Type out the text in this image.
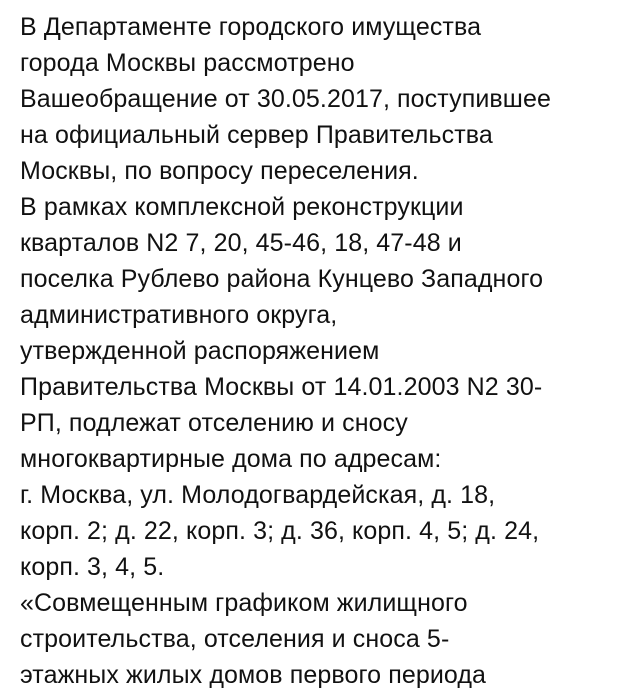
В Департаменте городского имущества
города Москвы рассмотрено
Вашеобращение от 30.05.2017, поступившее
на официальный сервер Правительства
Москвы, по вопросу переселения.
В рамках комплексной реконструкции
кварталов N2 7, 20, 45-46, 18, 47-48 и
поселка Рублево района Кунцево Западного
административного округа,
утвержденной распоряжением
Правительства Москвы от 14.01.2003 N2 30-
РП, подлежат отселению и сносу
многоквартирные дома по адресам:
г. Москва, ул. Молодогвардейская, д. 18,
корп. 2; д. 22, корп. 3; д. 36, корп. 4, 5; д. 24,
корп. 3, 4, 5.
«Совмещенным графиком жилищного
строительства, отселения и сноса 5-
этажных жилых домов первого периода
